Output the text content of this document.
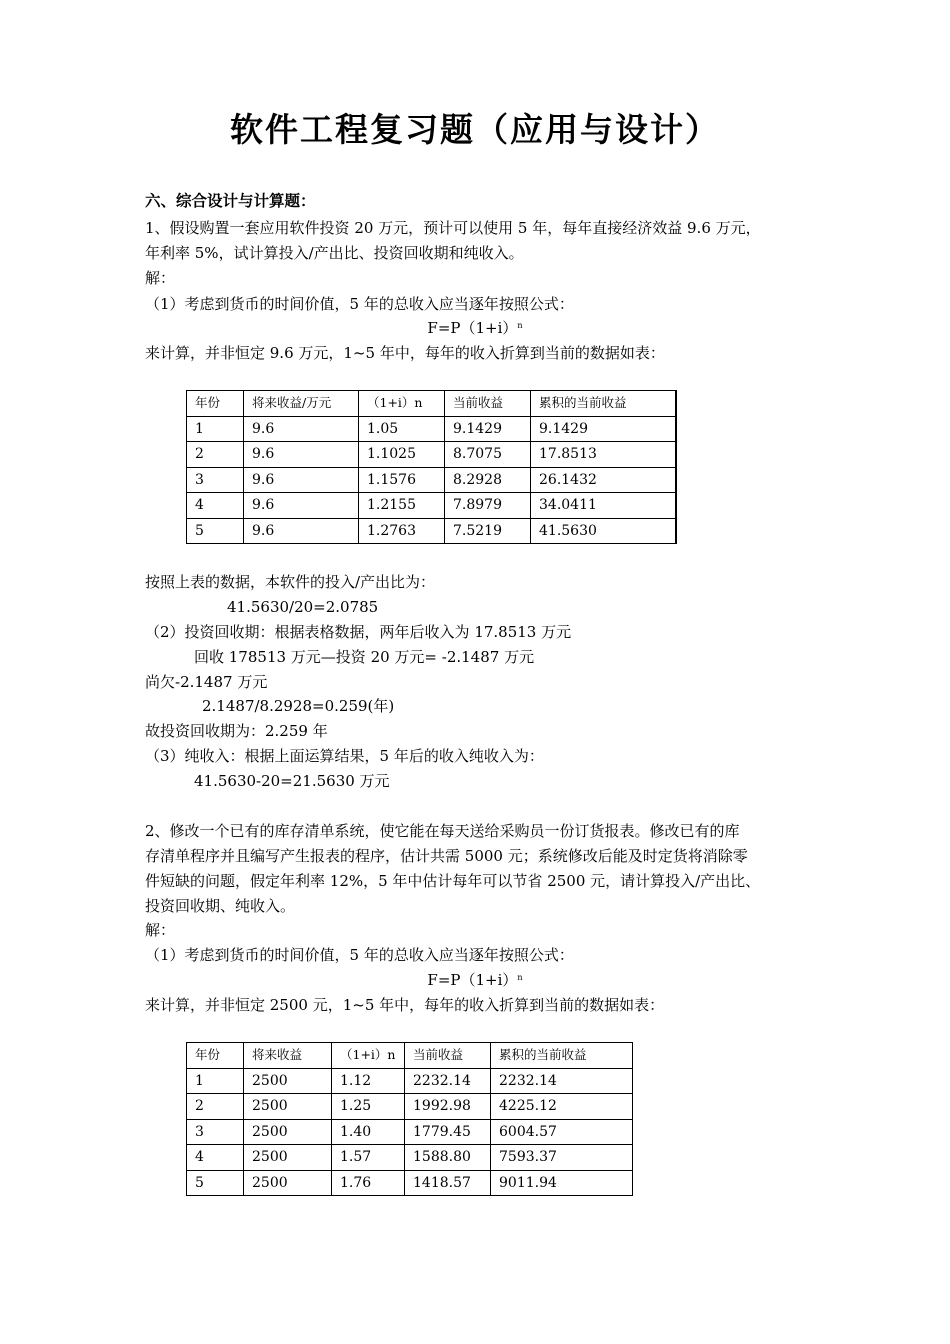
软件工程复习题（应用与设计）
六、综合设计与计算题：
1、假设购置一套应用软件投资 20 万元，预计可以使用 5 年，每年直接经济效益 9.6 万元，
年利率 5%，试计算投入/产出比、投资回收期和纯收入。
解：
（1）考虑到货币的时间价值，5 年的总收入应当逐年按照公式：
$F=P(1+i)^n$
来计算，并非恒定 9.6 万元，1~5 年中，每年的收入折算到当前的数据如表：
年份	将来收益/万元	（1+i）n	当前收益	累积的当前收益
1	9.6	1.05	9.1429	9.1429
2	9.6	1.1025	8.7075	17.8513
3	9.6	1.1576	8.2928	26.1432
4	9.6	1.2155	7.8979	34.0411
5	9.6	1.2763	7.5219	41.5630
按照上表的数据，本软件的投入/产出比为：
41.5630/20=2.0785
（2）投资回收期：根据表格数据，两年后收入为 17.8513 万元
回收 178513 万元—投资 20 万元= -2.1487 万元
尚欠-2.1487 万元
2.1487/8.2928=0.259(年)
故投资回收期为：2.259 年
（3）纯收入：根据上面运算结果，5 年后的收入纯收入为：
41.5630-20=21.5630 万元
2、修改一个已有的库存清单系统，使它能在每天送给采购员一份订货报表。修改已有的库
存清单程序并且编写产生报表的程序，估计共需 5000 元；系统修改后能及时定货将消除零
件短缺的问题，假定年利率 12%，5 年中估计每年可以节省 2500 元，请计算投入/产出比、
投资回收期、纯收入。
解：
（1）考虑到货币的时间价值，5 年的总收入应当逐年按照公式：
$F=P(1+i)^n$
来计算，并非恒定 2500 元，1~5 年中，每年的收入折算到当前的数据如表：
年份	将来收益	（1+i）n	当前收益	累积的当前收益
1	2500	1.12	2232.14	2232.14
2	2500	1.25	1992.98	4225.12
3	2500	1.40	1779.45	6004.57
4	2500	1.57	1588.80	7593.37
5	2500	1.76	1418.57	9011.94
